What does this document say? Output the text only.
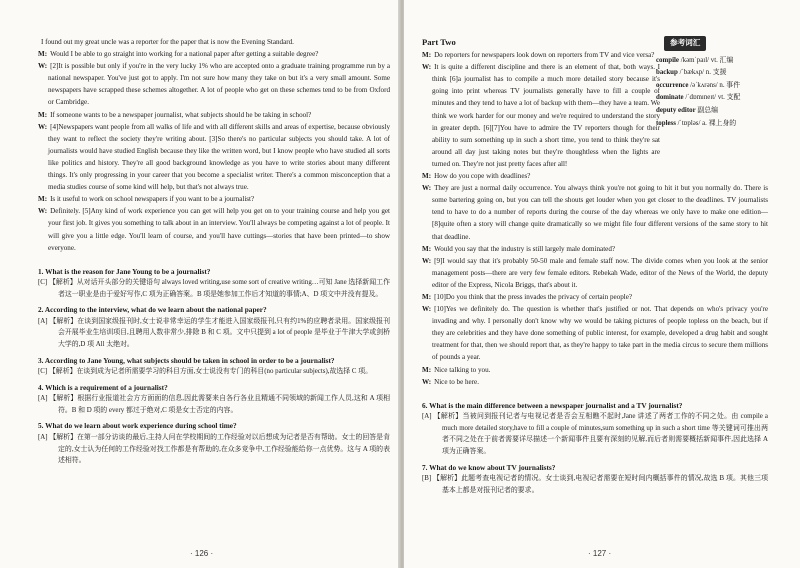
I found out my great uncle was a reporter for the paper that is now the Evening Standard.

M: Would I be able to go straight into working for a national paper after getting a suitable degree?

W: [2]It is possible but only if you're in the very lucky 1% who are accepted onto a graduate training programme run by a national newspaper. You've just got to apply. I'm not sure how many they take on but it's a very small amount. Some newspapers have scrapped these schemes altogether. A lot of people who get on these schemes tend to be from Oxford or Cambridge.

M: If someone wants to be a newspaper journalist, what subjects should he be taking in school?

W: [4]Newspapers want people from all walks of life and with all different skills and areas of expertise, because obviously they want to reflect the society they're writing about. [3]So there's no particular subjects you should take. A lot of journalists would have studied English because they like the written word, but I know people who have studied all sorts like politics and history. They're all good background knowledge as you have to write stories about many different things. It's only progressing in your career that you become a specialist writer. There's a common misconception that a media studies course of some kind will help, but that's not always true.

M: Is it useful to work on school newspapers if you want to be a journalist?

W: Definitely. [5]Any kind of work experience you can get will help you get on to your training course and help you get your first job. It gives you something to talk about in an interview. You'll always be competing against a lot of people. It will give you a little edge. You'll learn of course, and you'll have cuttings—stories that have been printed—to show everyone.

1. What is the reason for Jane Young to be a journalist?

[C] 【解析】从对话开头部分的关键语句 always loved writing,use some sort of creative writing…可知 Jane 选择新闻工作者这一职业是由于爱好写作,C 项为正确答案。B 项是她参加工作后才知道的事情;A、D 项文中并没有提及。

2. According to the interview, what do we learn about the national paper?

[A] 【解析】在谈到国家级报刊时,女士说非常幸运的学生才能进入国家级报刊,只有约1%的应聘者录用。国家级报刊会开展毕业生培训项目,且聘用人数非常少,排除 B 和 C 项。文中只提到 a lot of people 是毕业于牛津大学或剑桥大学的,D 项 All 太绝对。

3. According to Jane Young, what subjects should be taken in school in order to be a journalist?

[C] 【解析】在谈到成为记者所需要学习的科目方面,女士说没有专门的科目(no particular subjects),故选择 C 项。

4. Which is a requirement of a journalist?

[A] 【解析】根据行业报道社会方方面面的信息,因此需要来自各行各业且精通不同领域的新闻工作人员,这和 A 项相符。B 和 D 项的 every 都过于绝对,C 项是女士否定的内容。

5. What do we learn about work experience during school time?

[A] 【解析】在第一部分访谈的最后,主持人问在学校期间的工作经验对以后想成为记者是否有帮助。女士的回答是肯定的,女士认为任何的工作经验对找工作都是有帮助的,在众多竞争中,工作经验能给你一点优势。这与 A 项的表述相符。

· 126 ·

Part Two

M: Do reporters for newspapers look down on reporters from TV and vice versa?

W: It is quite a different discipline and there is an element of that, both ways. I think [6]a journalist has to compile a much more detailed story because it's going into print whereas TV journalists generally have to fill a couple of minutes and they tend to have a lot of backup with them—they have a team. We think we work harder for our money and we're required to understand the story in greater depth. [6][7]You have to admire the TV reporters though for their ability to sum something up in such a short time, you tend to think they're sat around all day just taking notes but they're thoughtless when the lights are turned on. They're not just pretty faces after all!

M: How do you cope with deadlines?

W: They are just a normal daily occurrence. You always think you're not going to hit it but you normally do. There is some bartering going on, but you can tell the shouts get louder when you get closer to the deadlines. TV journalists tend to have to do a number of reports during the course of the day whereas we only have to make one edition—[8]quite often a story will change quite dramatically so we might file four different versions of the same story to hit that deadline.

M: Would you say that the industry is still largely male dominated?

W: [9]I would say that it's probably 50-50 male and female staff now. The divide comes when you look at the senior management posts—there are very few female editors. Rebekah Wade, editor of the News of the World, the deputy editor of the Express, Nicola Briggs, that's about it.

M: [10]Do you think that the press invades the privacy of certain people?

W: [10]Yes we definitely do. The question is whether that's justified or not. That depends on who's privacy you're invading and why. I personally don't know why we would be taking pictures of people topless on the beach, but if they are celebrities and they have done something of public interest, for example, developed a drug habit and sought treatment for that, then we should report that, as they're happy to take part in the media circus to secure them millions of pounds a year.

M: Nice talking to you.

W: Nice to be here.

6. What is the main difference between a newspaper journalist and a TV journalist?

[A] 【解析】当被问到报刊记者与电视记者是否会互相瞧不起时,Jane 讲述了两者工作的不同之处。由 compile a much more detailed story,have to fill a couple of minutes,sum something up in such a short time 等关键词可推出两者不同之处在于前者需要详尽描述一个新闻事件且要有深刻的见解,而后者则需要概括新闻事件,因此选择 A 项为正确答案。

7. What do we know about TV journalists?

[B] 【解析】此题考查电视记者的情况。女士谈到,电视记者需要在短时间内概括事件的情况,故选 B 项。其他三项基本上都是对报刊记者的要求。

参考词汇
compile /kəmˈpaɪl/ vt. 汇编
backup /ˈbækʌp/ n. 支援
occurrence /əˈkʌrəns/ n. 事件
dominate /ˈdɒmɪneɪt/ vt. 支配
deputy editor 副总编
topless /ˈtɒpləs/ a. 裸上身的
· 127 ·
